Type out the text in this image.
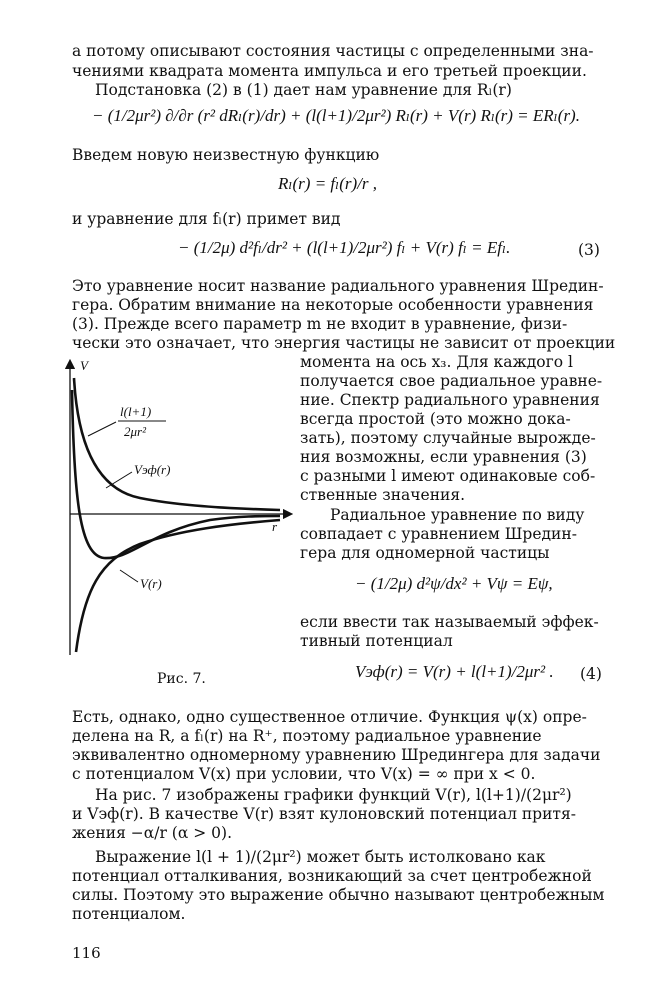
а потому описывают состояния частицы с определенными зна-
чениями квадрата момента импульса и его третьей проекции.
Подстановка (2) в (1) дает нам уравнение для Rₗ(r)
− (1/2μr²) ∂/∂r (r² dRₗ(r)/dr) + (l(l+1)/2μr²) Rₗ(r) + V(r) Rₗ(r) = ERₗ(r).
Введем новую неизвестную функцию
Rₗ(r) = fₗ(r)/r ,
и уравнение для fₗ(r) примет вид
− (1/2μ) d²fₗ/dr² + (l(l+1)/2μr²) fₗ + V(r) fₗ = Efₗ.	(3)
Это уравнение носит название радиального уравнения Шредин-
гера. Обратим внимание на некоторые особенности уравнения
(3). Прежде всего параметр m не входит в уравнение, физи-
чески это означает, что энергия частицы не зависит от проекции
момента на ось x₃. Для каждого l
получается свое радиальное уравне-
ние. Спектр радиального уравнения
всегда простой (это можно дока-
зать), поэтому случайные вырожде-
ния возможны, если уравнения (3)
с разными l имеют одинаковые соб-
ственные значения.
Радиальное уравнение по виду
совпадает с уравнением Шредин-
гера для одномерной частицы
− (1/2μ) d²ψ/dx² + Vψ = Eψ,
если ввести так называемый эффек-
тивный потенциал
Vэф(r) = V(r) + l(l+1)/2μr² . (4)
V
r
l(l+1)
2μr²
Vэф(r)
V(r)
Рис. 7.
Есть, однако, одно существенное отличие. Функция ψ(x) опре-
делена на R, а fₗ(r) на R⁺, поэтому радиальное уравнение
эквивалентно одномерному уравнению Шредингера для задачи
с потенциалом V(x) при условии, что V(x) = ∞ при x < 0.
На рис. 7 изображены графики функций V(r), l(l+1)/(2μr²)
и Vэф(r). В качестве V(r) взят кулоновский потенциал притя-
жения −α/r (α > 0).
Выражение l(l + 1)/(2μr²) может быть истолковано как
потенциал отталкивания, возникающий за счет центробежной
силы. Поэтому это выражение обычно называют центробежным
потенциалом.
116
